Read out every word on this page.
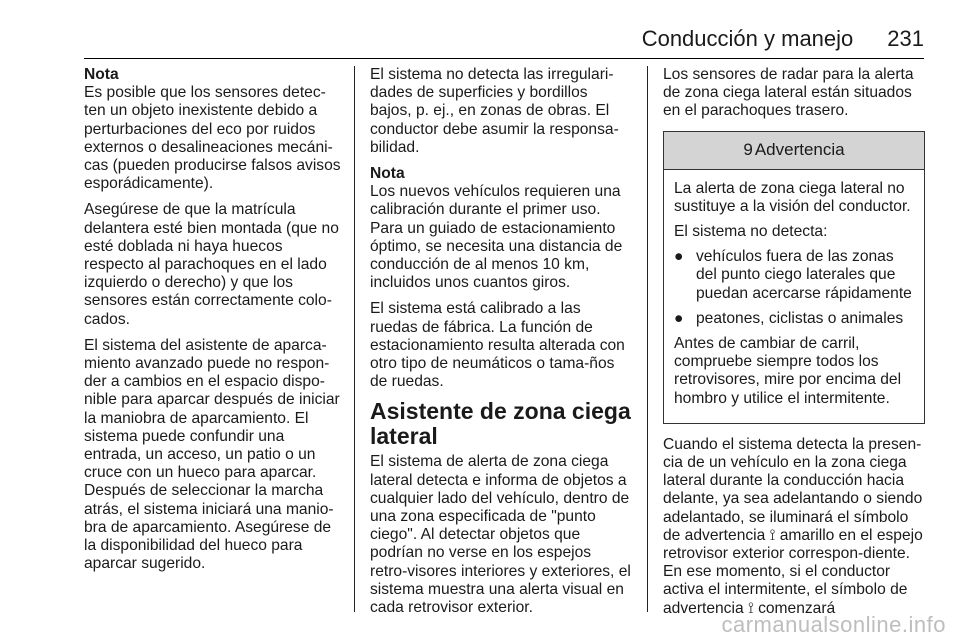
Conducción y manejo 231

Nota

Es posible que los sensores detec-ten un objeto inexistente debido a perturbaciones del eco por ruidos externos o desalineaciones mecáni-cas (pueden producirse falsos avisos esporádicamente).

Asegúrese de que la matrícula delantera esté bien montada (que no esté doblada ni haya huecos respecto al parachoques en el lado izquierdo o derecho) y que los sensores están correctamente colo-cados.

El sistema del asistente de aparca-miento avanzado puede no respon-der a cambios en el espacio dispo-nible para aparcar después de iniciar la maniobra de aparcamiento. El sistema puede confundir una entrada, un acceso, un patio o un cruce con un hueco para aparcar. Después de seleccionar la marcha atrás, el sistema iniciará una manio-bra de aparcamiento. Asegúrese de la disponibilidad del hueco para aparcar sugerido.

El sistema no detecta las irregulari-dades de superficies y bordillos bajos, p. ej., en zonas de obras. El conductor debe asumir la responsa-bilidad.

Nota

Los nuevos vehículos requieren una calibración durante el primer uso. Para un guiado de estacionamiento óptimo, se necesita una distancia de conducción de al menos 10 km, incluidos unos cuantos giros.

El sistema está calibrado a las ruedas de fábrica. La función de estacionamiento resulta alterada con otro tipo de neumáticos o tama-ños de ruedas.

Asistente de zona ciega lateral

El sistema de alerta de zona ciega lateral detecta e informa de objetos a cualquier lado del vehículo, dentro de una zona especificada de "punto ciego". Al detectar objetos que podrían no verse en los espejos retro-visores interiores y exteriores, el sistema muestra una alerta visual en cada retrovisor exterior.

Los sensores de radar para la alerta de zona ciega lateral están situados en el parachoques trasero.

9 Advertencia

La alerta de zona ciega lateral no sustituye a la visión del conductor.

El sistema no detecta:

● vehículos fuera de las zonas del punto ciego laterales que puedan acercarse rápidamente
● peatones, ciclistas o animales

Antes de cambiar de carril, compruebe siempre todos los retrovisores, mire por encima del hombro y utilice el intermitente.

Cuando el sistema detecta la presen-cia de un vehículo en la zona ciega lateral durante la conducción hacia delante, ya sea adelantando o siendo adelantado, se iluminará el símbolo de advertencia ⟟ amarillo en el espejo retrovisor exterior correspon-diente. En ese momento, si el conductor activa el intermitente, el símbolo de advertencia ⟟ comenzará

carmanualsonline.info
